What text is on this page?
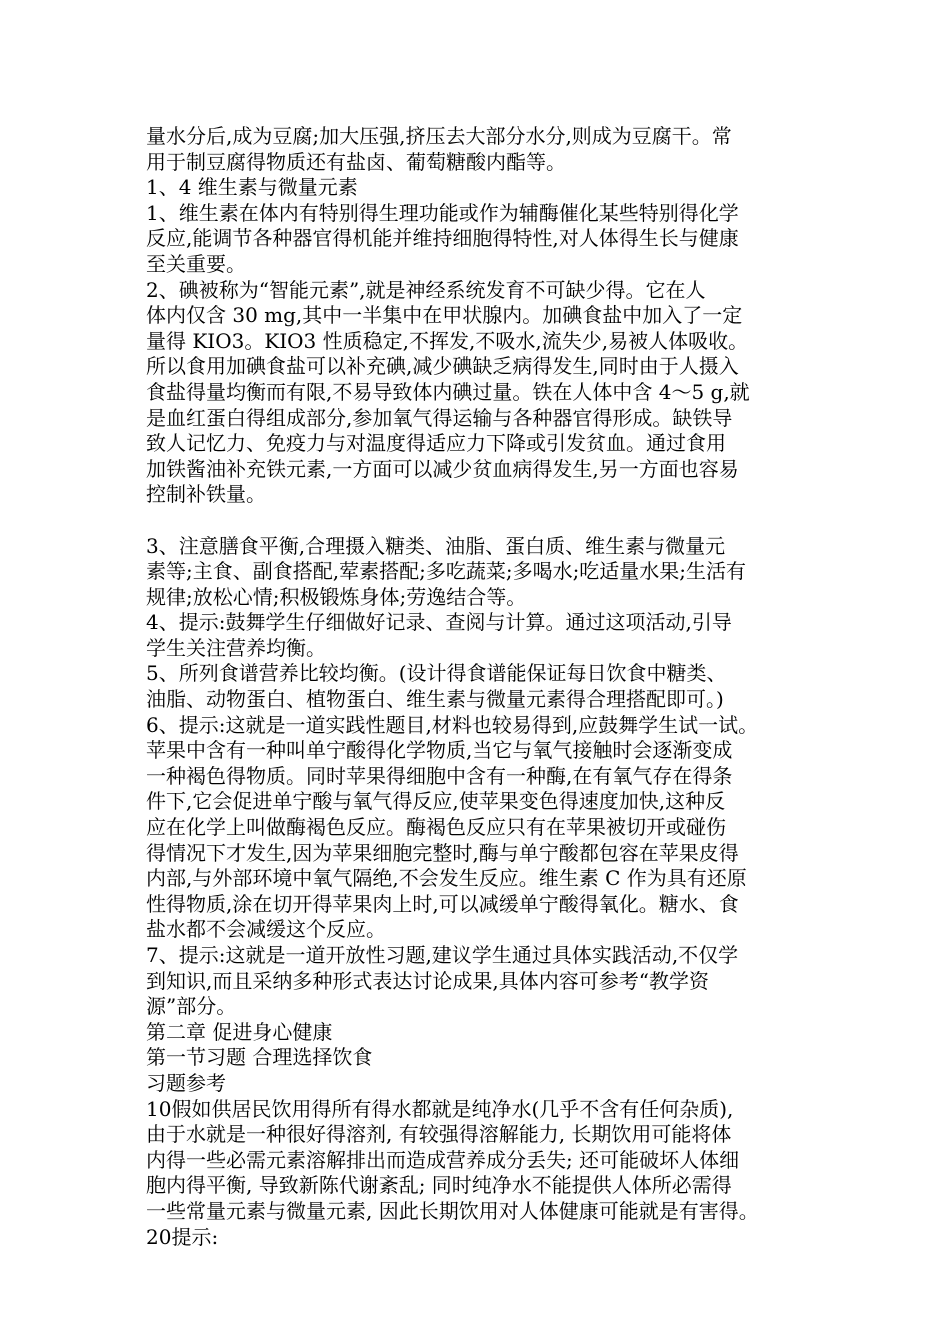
量水分后,成为豆腐;加大压强,挤压去大部分水分,则成为豆腐干。常
用于制豆腐得物质还有盐卤、葡萄糖酸内酯等。
1、4 维生素与微量元素
1、维生素在体内有特别得生理功能或作为辅酶催化某些特别得化学
反应,能调节各种器官得机能并维持细胞得特性,对人体得生长与健康
至关重要。
2、碘被称为“智能元素”,就是神经系统发育不可缺少得。它在人
体内仅含 30 mg,其中一半集中在甲状腺内。加碘食盐中加入了一定
量得 KIO3。KIO3 性质稳定,不挥发,不吸水,流失少,易被人体吸收。
所以食用加碘食盐可以补充碘,减少碘缺乏病得发生,同时由于人摄入
食盐得量均衡而有限,不易导致体内碘过量。铁在人体中含 4～5 g,就
是血红蛋白得组成部分,参加氧气得运输与各种器官得形成。缺铁导
致人记忆力、免疫力与对温度得适应力下降或引发贫血。通过食用
加铁酱油补充铁元素,一方面可以减少贫血病得发生,另一方面也容易
控制补铁量。
3、注意膳食平衡,合理摄入糖类、油脂、蛋白质、维生素与微量元
素等;主食、副食搭配,荤素搭配;多吃蔬菜;多喝水;吃适量水果;生活有
规律;放松心情;积极锻炼身体;劳逸结合等。
4、提示:鼓舞学生仔细做好记录、查阅与计算。通过这项活动,引导
学生关注营养均衡。
5、所列食谱营养比较均衡。(设计得食谱能保证每日饮食中糖类、
油脂、动物蛋白、植物蛋白、维生素与微量元素得合理搭配即可。)
6、提示:这就是一道实践性题目,材料也较易得到,应鼓舞学生试一试。
苹果中含有一种叫单宁酸得化学物质,当它与氧气接触时会逐渐变成
一种褐色得物质。同时苹果得细胞中含有一种酶,在有氧气存在得条
件下,它会促进单宁酸与氧气得反应,使苹果变色得速度加快,这种反
应在化学上叫做酶褐色反应。酶褐色反应只有在苹果被切开或碰伤
得情况下才发生,因为苹果细胞完整时,酶与单宁酸都包容在苹果皮得
内部,与外部环境中氧气隔绝,不会发生反应。维生素 C 作为具有还原
性得物质,涂在切开得苹果肉上时,可以减缓单宁酸得氧化。糖水、食
盐水都不会减缓这个反应。
7、提示:这就是一道开放性习题,建议学生通过具体实践活动,不仅学
到知识,而且采纳多种形式表达讨论成果,具体内容可参考“教学资
源”部分。
第二章 促进身心健康
第一节习题 合理选择饮食
习题参考
10假如供居民饮用得所有得水都就是纯净水(几乎不含有任何杂质),
由于水就是一种很好得溶剂, 有较强得溶解能力, 长期饮用可能将体
内得一些必需元素溶解排出而造成营养成分丢失; 还可能破坏人体细
胞内得平衡, 导致新陈代谢紊乱; 同时纯净水不能提供人体所必需得
一些常量元素与微量元素, 因此长期饮用对人体健康可能就是有害得。
20提示:
